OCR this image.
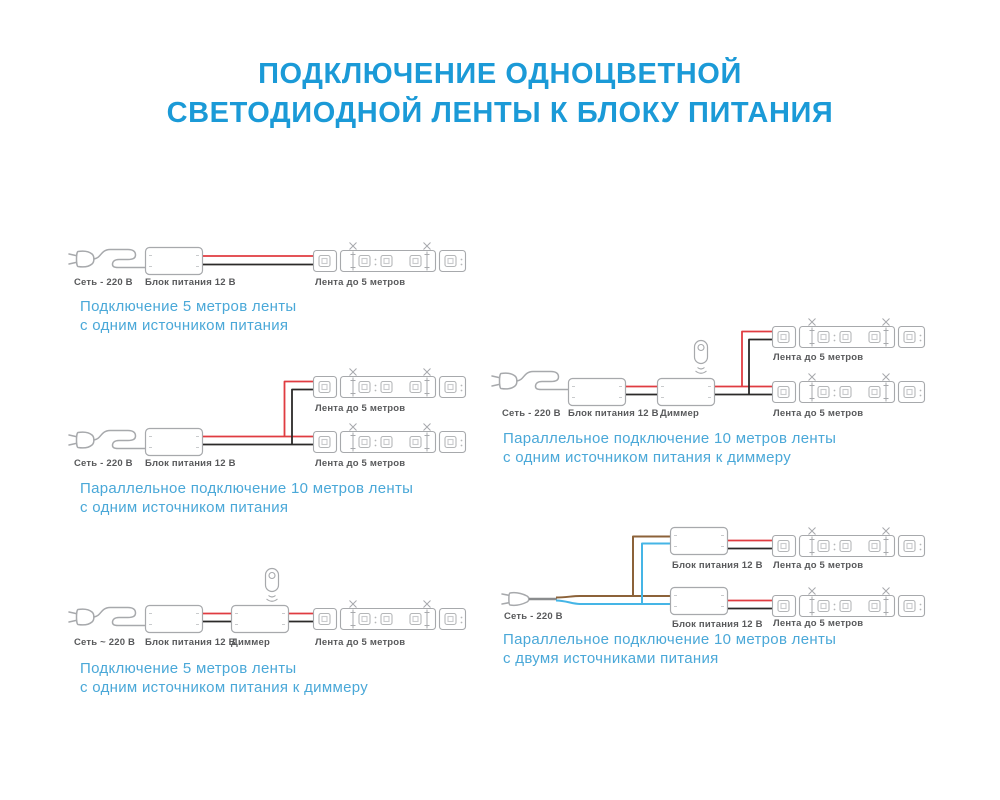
ПОДКЛЮЧЕНИЕ ОДНОЦВЕТНОЙ
СВЕТОДИОДНОЙ ЛЕНТЫ К БЛОКУ ПИТАНИЯ
Сеть - 220 В Блок питания 12 В	Лента до 5 метров
Подключение 5 метров ленты
с одним источником питания
Лента до 5 метров
Сеть - 220 В Блок питания 12 В	Лента до 5 метров
Параллельное подключение 10 метров ленты
с одним источником питания
Сеть ~ 220 В Блок питания 12 В
Диммер	Лента до 5 метров
Подключение 5 метров ленты
с одним источником питания к диммеру
Лента до 5 метров
Сеть - 220 В Блок питания 12 В Диммер	Лента до 5 метров
Параллельное подключение 10 метров ленты
с одним источником питания к диммеру
Блок питания 12 В Лента до 5 метров
Сеть - 220 В
Блок питания 12 В Лента до 5 метров
Параллельное подключение 10 метров ленты
с двумя источниками питания
